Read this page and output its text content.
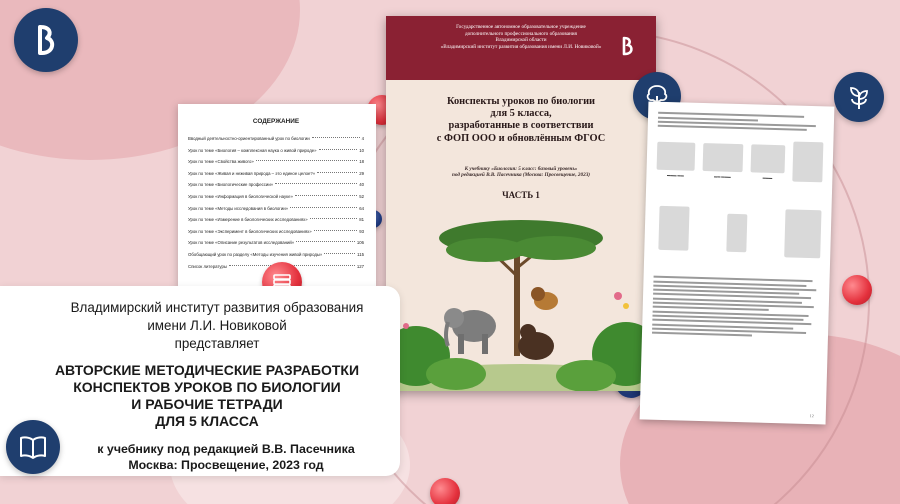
СОДЕРЖАНИЕ
Вводный деятельностно-ориентированный урок по биологии	4
Урок по теме «Биология – комплексная наука о живой природе»	10
Урок по теме «Свойства живого»	18
Урок по теме «Живая и неживая природа – это единое целое?»	29
Урок по теме «Биологические профессии»	40
Урок по теме «Информация в биологической науке»	52
Урок по теме «Методы исследования в биологии»	64
Урок по теме «Измерение в биологических исследованиях»	81
Урок по теме «Эксперимент в биологических исследованиях»	93
Урок по теме «Описание результатов исследований»	106
Обобщающий урок по разделу «Методы изучения живой природы»	115
Список литературы	127
Государственное автономное образовательное учреждение
дополнительного профессионального образования
Владимирской области
«Владимирский институт развития образования имени Л.И. Новиковой»
Конспекты уроков по биологии
для 5 класса,
разработанные в соответствии
с ФОП ООО и обновлённым ФГОС
К учебнику «Биология: 5 класс: базовый уровень»
под редакцией В.В. Пасечника (Москва: Просвещение, 2023)
ЧАСТЬ 1
▬▬▬ ▬▬	▬▬ ▬▬▬	▬▬▬
12
Владимирский институт развития образования
имени Л.И. Новиковой
представляет
АВТОРСКИЕ МЕТОДИЧЕСКИЕ РАЗРАБОТКИ
КОНСПЕКТОВ УРОКОВ ПО БИОЛОГИИ
И РАБОЧИЕ ТЕТРАДИ
ДЛЯ 5 КЛАССА
к учебнику под редакцией В.В. Пасечника
Москва: Просвещение, 2023 год
